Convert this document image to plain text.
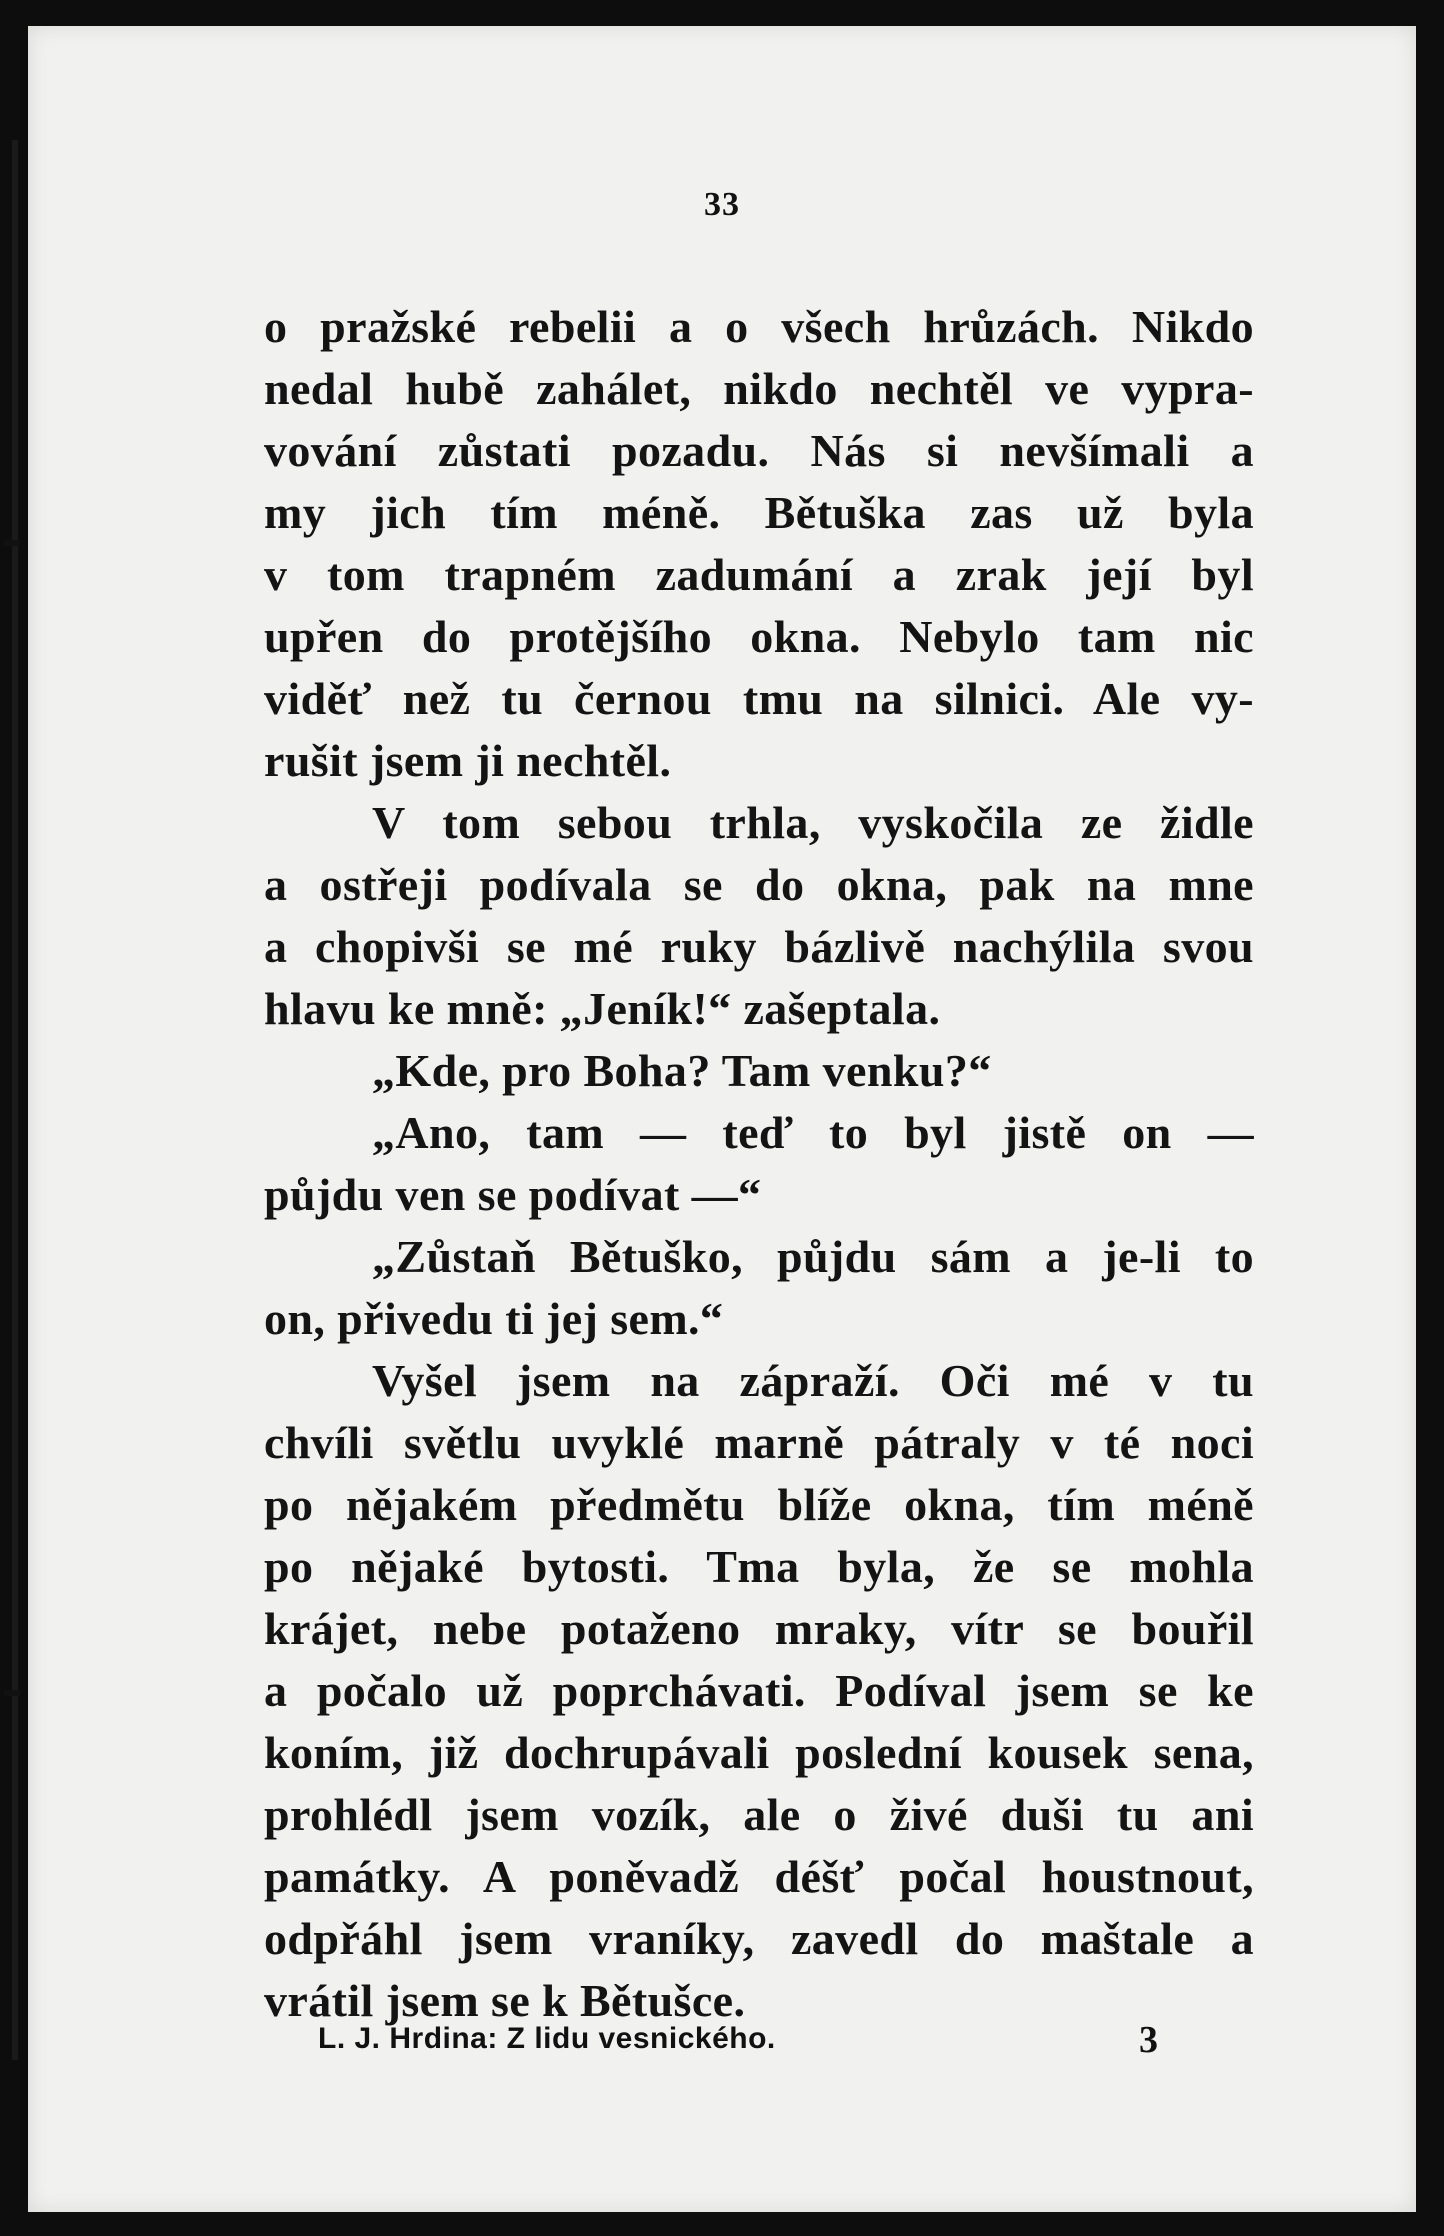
33
o pražské rebelii a o všech hrůzách. Nikdo
nedal hubě zahálet, nikdo nechtěl ve vypra-
vování zůstati pozadu. Nás si nevšímali a
my jich tím méně. Bětuška zas už byla
v tom trapném zadumání a zrak její byl
upřen do protějšího okna. Nebylo tam nic
viděť než tu černou tmu na silnici. Ale vy-
rušit jsem ji nechtěl.
V tom sebou trhla, vyskočila ze židle
a ostřeji podívala se do okna, pak na mne
a chopivši se mé ruky bázlivě nachýlila svou
hlavu ke mně: „Jeník!“ zašeptala.
„Kde, pro Boha? Tam venku?“
„Ano, tam — teď to byl jistě on —
půjdu ven se podívat —“
„Zůstaň Bětuško, půjdu sám a je-li to
on, přivedu ti jej sem.“
Vyšel jsem na zápraží. Oči mé v tu
chvíli světlu uvyklé marně pátraly v té noci
po nějakém předmětu blíže okna, tím méně
po nějaké bytosti. Tma byla, že se mohla
krájet, nebe potaženo mraky, vítr se bouřil
a počalo už poprchávati. Podíval jsem se ke
koním, již dochrupávali poslední kousek sena,
prohlédl jsem vozík, ale o živé duši tu ani
památky. A poněvadž déšť počal houstnout,
odpřáhl jsem vraníky, zavedl do maštale a
vrátil jsem se k Bětušce.
L. J. Hrdina: Z lidu vesnického.	3
